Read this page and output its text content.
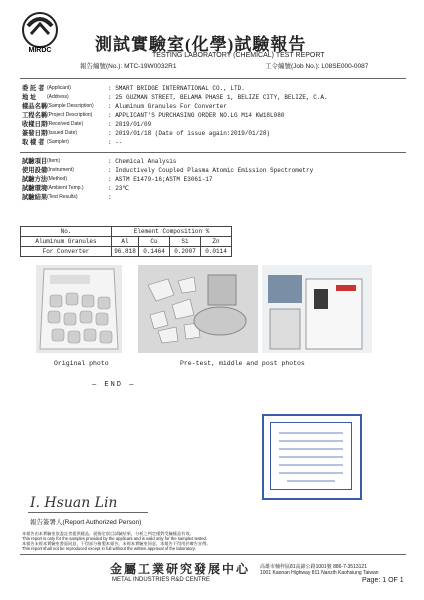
MIRDC	測試實驗室(化學)試驗報告
TESTING LABORATORY (CHEMICAL) TEST REPORT
報告編號(No.): MTC-19W0032R1	工令編號(Job No.): L08SE000-0087
委 託 者 (Applicant)	: SMART BRIDGE INTERNATIONAL CO., LTD.
地 址 (Address)	: 25 GUZMAN STREET, BELAMA PHASE 1, BELIZE CITY, BELIZE, C.A.
樣品名稱 (Sample Description) : Aluminum Granules For Converter
工程名稱 (Project Description)	: APPLICANT'S PURCHASING ORDER NO.LG M14 KW18L080
收樣日期 (Received Date)	: 2019/01/09
簽發日期 (Issued Date)	: 2019/01/18 (Date of issue again:2019/01/28)
取 樣 者 (Sampler)	: --
試驗項目 (Item)	: Chemical Analysis
使用設備 (Instrument)	: Inductively Coupled Plasma Atomic Emission Spectrometry
試驗方法 (Method)	: ASTM E1479-16;ASTM E3061-17
試驗環境 (Ambient Temp.)	: 23℃
試驗結果 (Test Results)	:
No.	Element Composition %			
Aluminum Granules	Al	Cu	Si	Zn
For Converter	96.818	0.1464	0.2007	0.0114
Original photo	Pre-test, middle and post photos
— END —
I. Hsuan Lin
報告簽署人(Report Authorized Person)
本報告由本實驗室依委託者提供樣品，就指定項目試驗結果，分析之判定僅對受驗樣品有效。
This report is only for the samples provided by the applicant and is valid only for the samples tested.
本報告未經本實驗室書面同意，不得部分複製本報告。未經本實驗室同意，本報告不得用於廣告宣傳。
This report shall not be reproduced except in full without the written approval of the laboratory.
金屬工業研究發展中心
METAL INDUSTRIES R&D CENTRE
高雄市楠梓區81高錦公路1001號 886-7-3513121
1001 Kaonan Highway 811 Nanzih Kaohsiung Taiwan
Page: 1 OF 1
